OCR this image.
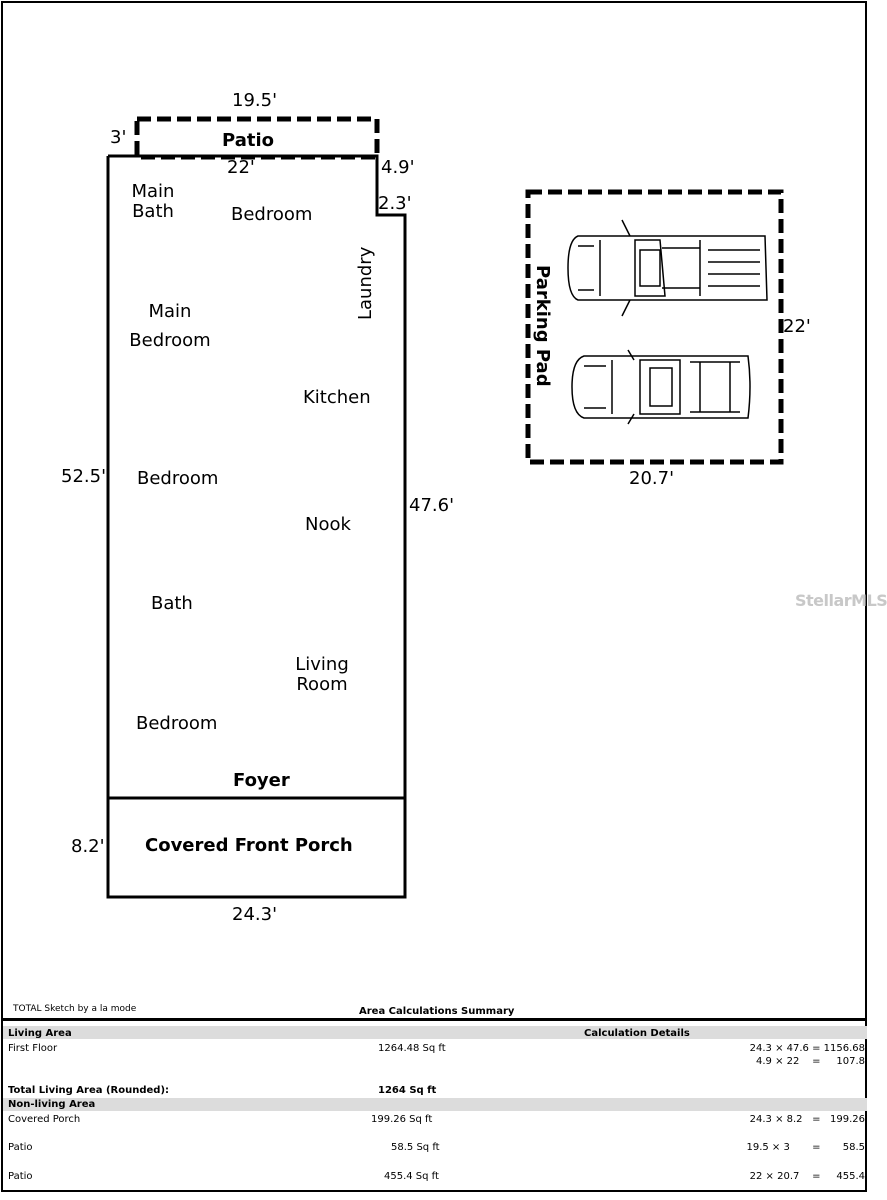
19.5'
3'	Patio
22'	4.9'
2.3'
Main
Bath	Bedroom
Laundry
Main
Bedroom
Kitchen
52.5' Bedroom
47.6'
Nook
Bath
Living
Room
Bedroom
Foyer
8.2' Covered Front Porch
24.3'
Parking Pad	22'
20.7'
StellarMLS
TOTAL Sketch by a la mode	Area Calculations Summary
Living Area	Calculation Details
First Floor	1264.48 Sq ft	24.3 × 47.6 = 1156.68
4.9 × 22    =     107.8
Total Living Area (Rounded):	1264 Sq ft
Non-living Area
Covered Porch	199.26 Sq ft	24.3 × 8.2   =   199.26
Patio	58.5 Sq ft	19.5 × 3       =       58.5
Patio	455.4 Sq ft	22 × 20.7    =     455.4
